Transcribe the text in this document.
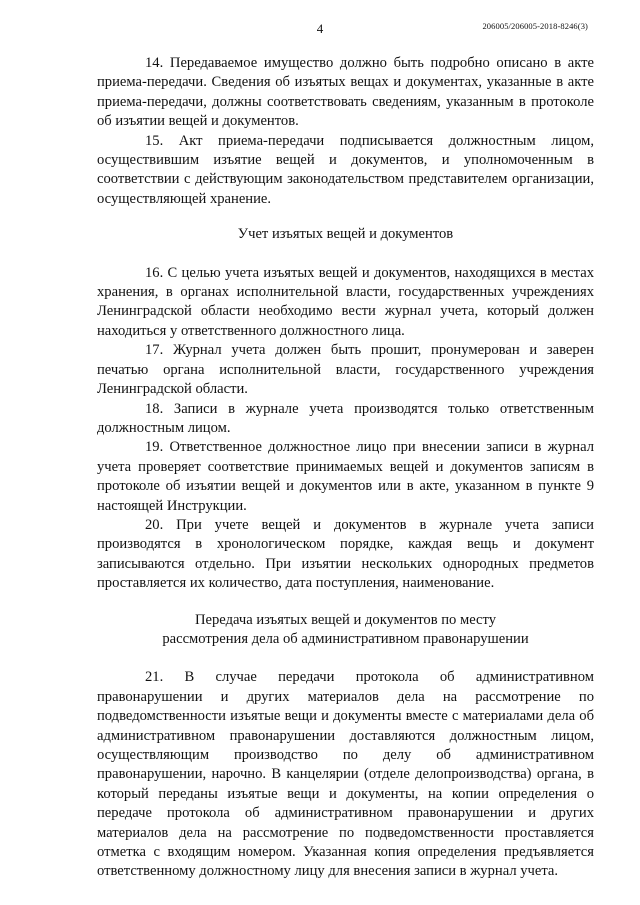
4	206005/206005-2018-8246(3)

14. Передаваемое имущество должно быть подробно описано в акте приема-передачи. Сведения об изъятых вещах и документах, указанные в акте приема-передачи, должны соответствовать сведениям, указанным в протоколе об изъятии вещей и документов.

15. Акт приема-передачи подписывается должностным лицом, осуществившим изъятие вещей и документов, и уполномоченным в соответствии с действующим законодательством представителем организации, осуществляющей хранение.

Учет изъятых вещей и документов

16. С целью учета изъятых вещей и документов, находящихся в местах хранения, в органах исполнительной власти, государственных учреждениях Ленинградской области необходимо вести журнал учета, который должен находиться у ответственного должностного лица.

17. Журнал учета должен быть прошит, пронумерован и заверен печатью органа исполнительной власти, государственного учреждения Ленинградской области.

18. Записи в журнале учета производятся только ответственным должностным лицом.

19. Ответственное должностное лицо при внесении записи в журнал учета проверяет соответствие принимаемых вещей и документов записям в протоколе об изъятии вещей и документов или в акте, указанном в пункте 9 настоящей Инструкции.

20. При учете вещей и документов в журнале учета записи производятся в хронологическом порядке, каждая вещь и документ записываются отдельно. При изъятии нескольких однородных предметов проставляется их количество, дата поступления, наименование.

Передача изъятых вещей и документов по месту
рассмотрения дела об административном правонарушении

21. В случае передачи протокола об административном правонарушении и других материалов дела на рассмотрение по подведомственности изъятые вещи и документы вместе с материалами дела об административном правонарушении доставляются должностным лицом, осуществляющим производство по делу об административном правонарушении, нарочно. В канцелярии (отделе делопроизводства) органа, в который переданы изъятые вещи и документы, на копии определения о передаче протокола об административном правонарушении и других материалов дела на рассмотрение по подведомственности проставляется отметка с входящим номером. Указанная копия определения предъявляется ответственному должностному лицу для внесения записи в журнал учета.
